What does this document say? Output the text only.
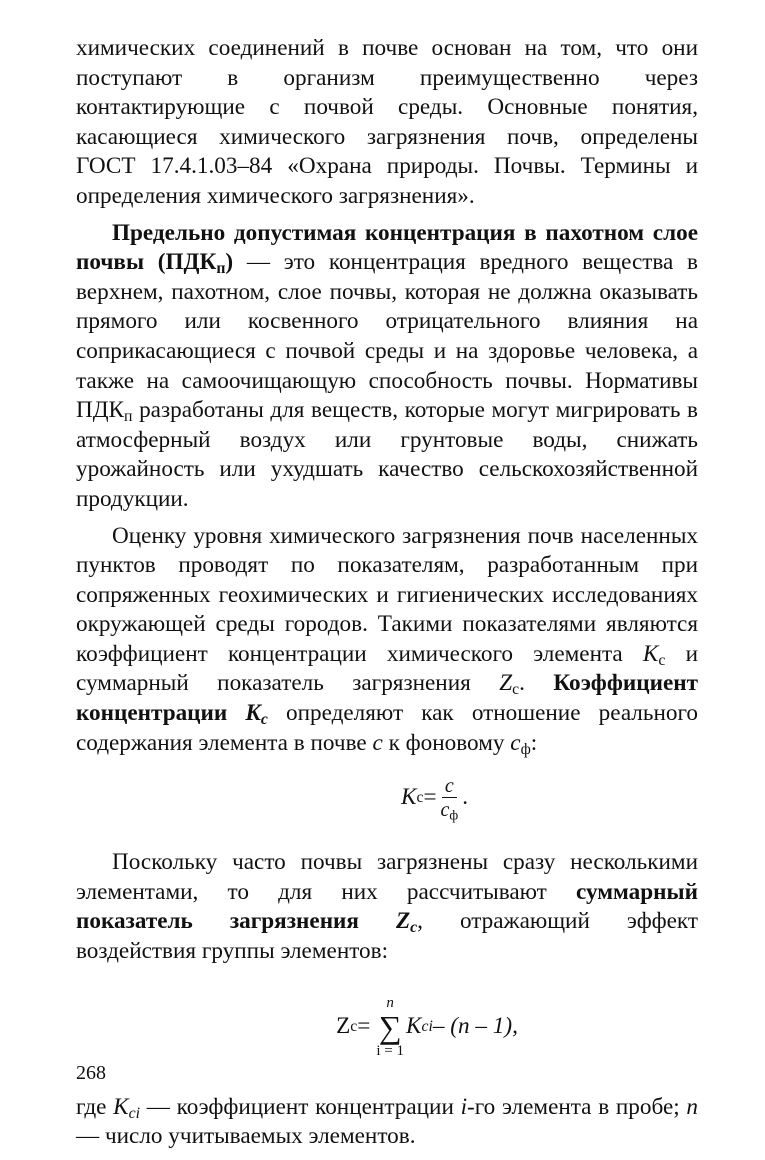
химических соединений в почве основан на том, что они поступают в организм преимущественно через контактирующие с почвой среды. Основные понятия, касающиеся химического загрязнения почв, определены ГОСТ 17.4.1.03–84 «Охрана природы. Почвы. Термины и определения химического загрязнения».

Предельно допустимая концентрация в пахотном слое почвы $(ПДК_п)$ — это концентрация вредного вещества в верхнем, пахотном, слое почвы, которая не должна оказывать прямого или косвенного отрицательного влияния на соприкасающиеся с почвой среды и на здоровье человека, а также на самоочищающую способность почвы. Нормативы $ПДК_п$ разработаны для веществ, которые могут мигрировать в атмосферный воздух или грунтовые воды, снижать урожайность или ухудшать качество сельскохозяйственной продукции.

Оценку уровня химического загрязнения почв населенных пунктов проводят по показателям, разработанным при сопряженных геохимических и гигиенических исследованиях окружающей среды городов. Такими показателями являются коэффициент концентрации химического элемента $K_c$ и суммарный показатель загрязнения $Z_c$. Коэффициент концентрации $K_c$ определяют как отношение реального содержания элемента в почве c к фоновому $c_ф$:

K $c = \frac{c}{c_ф}$ .

Поскольку часто почвы загрязнены сразу несколькими элементами, то для них рассчитывают суммарный показатель загрязнения $Z_c$, отражающий эффект воздействия группы элементов:

Z c =
n
∑
i = 1
K ci – (n – 1),

где $K_{ci}$ — коэффициент концентрации i-го элемента в пробе; n — число учитываемых элементов.

268
